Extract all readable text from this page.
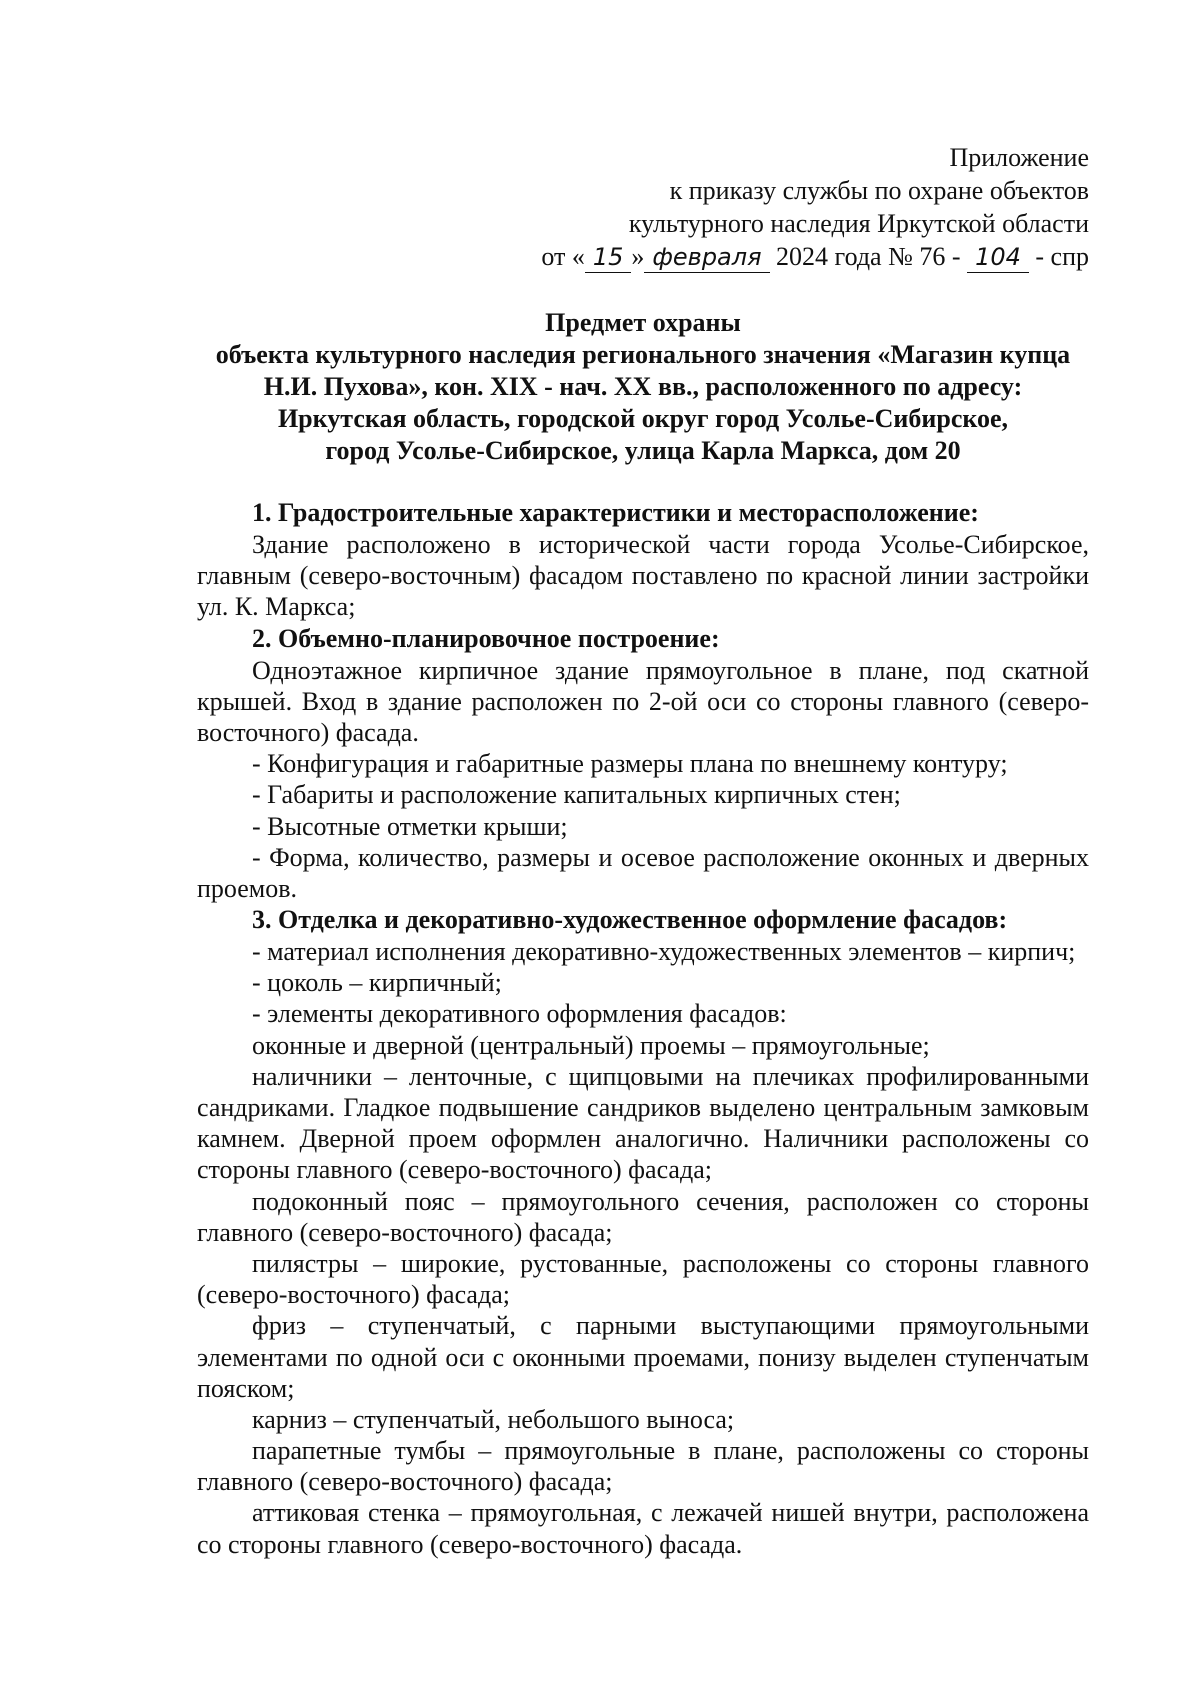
Приложение
к приказу службы по охране объектов
культурного наследия Иркутской области
от « 15 » февраля 2024 года № 76 - 104 - спр
Предмет охраны
объекта культурного наследия регионального значения «Магазин купца
Н.И. Пухова», кон. XIX - нач. XX вв., расположенного по адресу:
Иркутская область, городской округ город Усолье-Сибирское,
город Усолье-Сибирское, улица Карла Маркса, дом 20
1. Градостроительные характеристики и месторасположение:

Здание расположено в исторической части города Усолье-Сибирское, главным (северо-восточным) фасадом поставлено по красной линии застройки ул. К. Маркса;

2. Объемно-планировочное построение:

Одноэтажное кирпичное здание прямоугольное в плане, под скатной крышей. Вход в здание расположен по 2-ой оси со стороны главного (северо-восточного) фасада.

- Конфигурация и габаритные размеры плана по внешнему контуру;

- Габариты и расположение капитальных кирпичных стен;

- Высотные отметки крыши;

- Форма, количество, размеры и осевое расположение оконных и дверных проемов.

3. Отделка и декоративно-художественное оформление фасадов:

- материал исполнения декоративно-художественных элементов – кирпич;

- цоколь – кирпичный;

- элементы декоративного оформления фасадов:

оконные и дверной (центральный) проемы – прямоугольные;

наличники – ленточные, с щипцовыми на плечиках профилированными сандриками. Гладкое подвышение сандриков выделено центральным замковым камнем. Дверной проем оформлен аналогично. Наличники расположены со стороны главного (северо-восточного) фасада;

подоконный пояс – прямоугольного сечения, расположен со стороны главного (северо-восточного) фасада;

пилястры – широкие, рустованные, расположены со стороны главного (северо-восточного) фасада;

фриз – ступенчатый, с парными выступающими прямоугольными элементами по одной оси с оконными проемами, понизу выделен ступенчатым пояском;

карниз – ступенчатый, небольшого выноса;

парапетные тумбы – прямоугольные в плане, расположены со стороны главного (северо-восточного) фасада;

аттиковая стенка – прямоугольная, с лежачей нишей внутри, расположена со стороны главного (северо-восточного) фасада.
